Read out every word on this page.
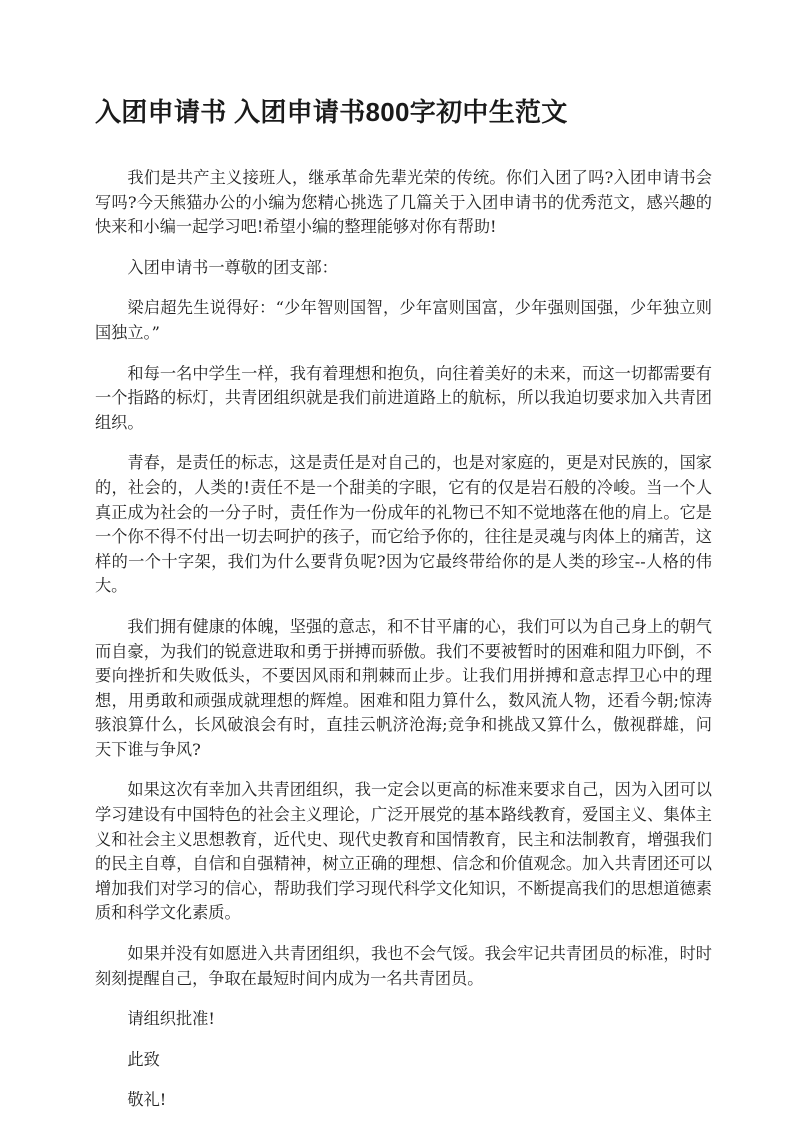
入团申请书 入团申请书800字初中生范文

我们是共产主义接班人，继承革命先辈光荣的传统。你们入团了吗?入团申请书会写吗?今天熊猫办公的小编为您精心挑选了几篇关于入团申请书的优秀范文，感兴趣的快来和小编一起学习吧!希望小编的整理能够对你有帮助!

入团申请书一尊敬的团支部：

梁启超先生说得好：“少年智则国智，少年富则国富，少年强则国强，少年独立则国独立。”

和每一名中学生一样，我有着理想和抱负，向往着美好的未来，而这一切都需要有一个指路的标灯，共青团组织就是我们前进道路上的航标，所以我迫切要求加入共青团组织。

青春，是责任的标志，这是责任是对自己的，也是对家庭的，更是对民族的，国家的，社会的，人类的!责任不是一个甜美的字眼，它有的仅是岩石般的冷峻。当一个人真正成为社会的一分子时，责任作为一份成年的礼物已不知不觉地落在他的肩上。它是一个你不得不付出一切去呵护的孩子，而它给予你的，往往是灵魂与肉体上的痛苦，这样的一个十字架，我们为什么要背负呢?因为它最终带给你的是人类的珍宝--人格的伟大。

我们拥有健康的体魄，坚强的意志，和不甘平庸的心，我们可以为自己身上的朝气而自豪，为我们的锐意进取和勇于拼搏而骄傲。我们不要被暂时的困难和阻力吓倒，不要向挫折和失败低头，不要因风雨和荆棘而止步。让我们用拼搏和意志捍卫心中的理想，用勇敢和顽强成就理想的辉煌。困难和阻力算什么，数风流人物，还看今朝;惊涛骇浪算什么，长风破浪会有时，直挂云帆济沧海;竞争和挑战又算什么，傲视群雄，问天下谁与争风?

如果这次有幸加入共青团组织，我一定会以更高的标准来要求自己，因为入团可以学习建设有中国特色的社会主义理论，广泛开展党的基本路线教育，爱国主义、集体主义和社会主义思想教育，近代史、现代史教育和国情教育，民主和法制教育，增强我们的民主自尊，自信和自强精神，树立正确的理想、信念和价值观念。加入共青团还可以增加我们对学习的信心，帮助我们学习现代科学文化知识，不断提高我们的思想道德素质和科学文化素质。

如果并没有如愿进入共青团组织，我也不会气馁。我会牢记共青团员的标准，时时刻刻提醒自己，争取在最短时间内成为一名共青团员。

请组织批准!

此致

敬礼!
